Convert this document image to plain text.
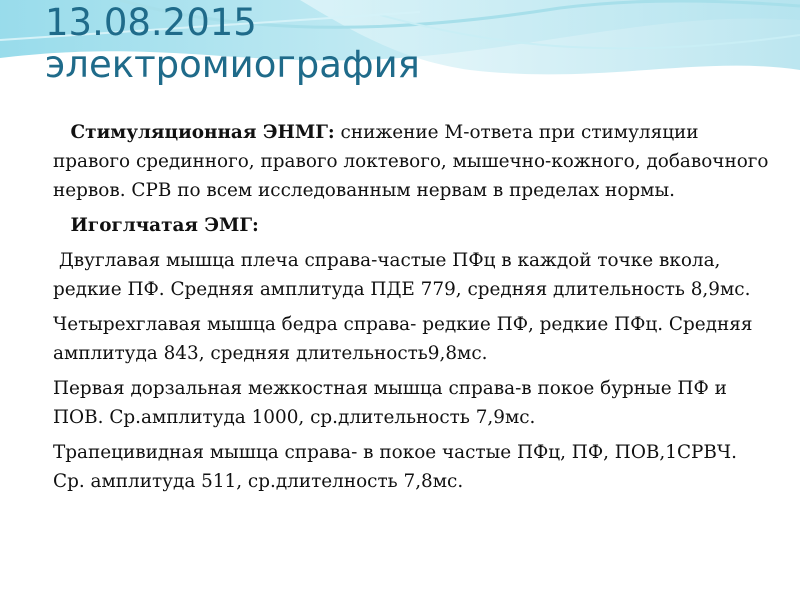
13.08.2015
электромиография

Стимуляционная ЭНМГ: снижение М-ответа при стимуляции правого срединного, правого локтевого, мышечно-кожного, добавочного нервов. СРВ по всем исследованным нервам в пределах нормы.

Игоглчатая ЭМГ:

Двуглавая мышца плеча справа-частые ПФц в каждой точке вкола, редкие ПФ. Средняя амплитуда ПДЕ 779, средняя длительность 8,9мс.

Четырехглавая мышца бедра справа- редкие ПФ, редкие ПФц. Средняя амплитуда 843, средняя длительность9,8мс.

Первая дорзальная межкостная мышца справа-в покое бурные ПФ и ПОВ. Ср.амплитуда 1000, ср.длительность 7,9мс.

Трапецивидная мышца справа- в покое частые ПФц, ПФ, ПОВ,1СРВЧ. Ср. амплитуда 511, ср.длителность 7,8мс.
